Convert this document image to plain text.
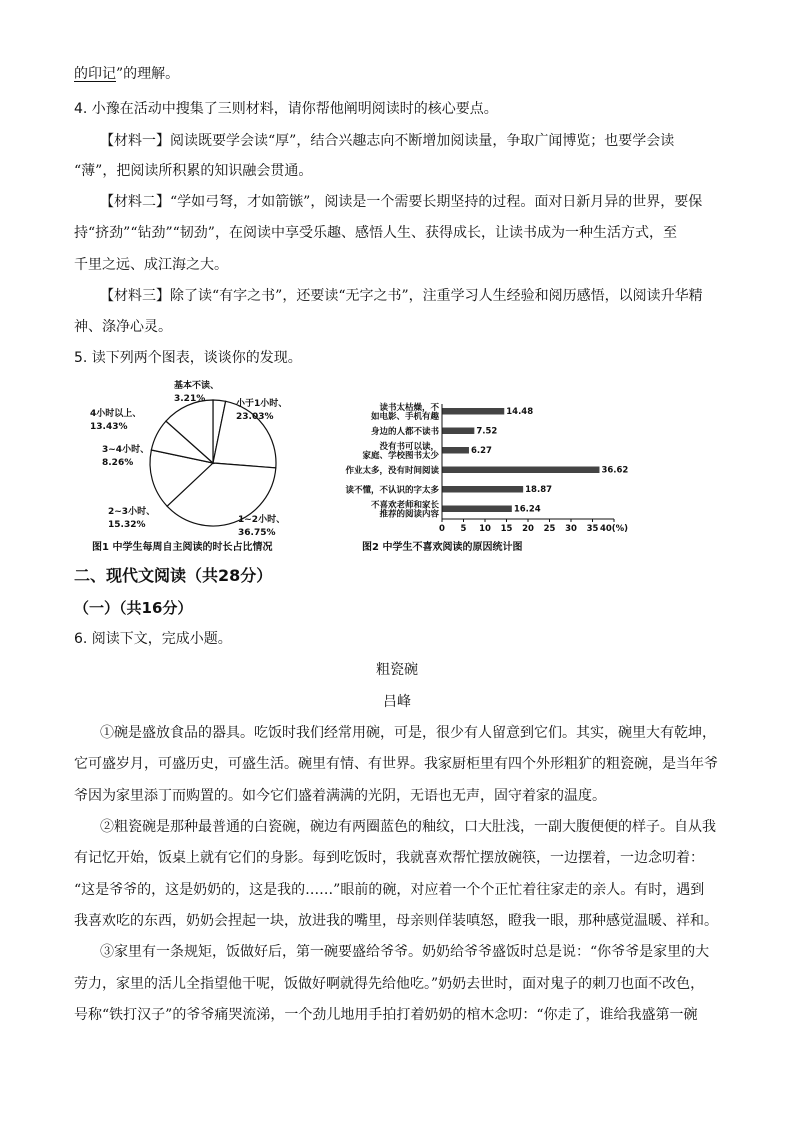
的印记”的理解。
4. 小豫在活动中搜集了三则材料，请你帮他阐明阅读时的核心要点。
【材料一】阅读既要学会读“厚”，结合兴趣志向不断增加阅读量，争取广闻博览；也要学会读
“薄”，把阅读所积累的知识融会贯通。
【材料二】“学如弓弩，才如箭镞”，阅读是一个需要长期坚持的过程。面对日新月异的世界，要保
持“挤劲”“钻劲”“韧劲”，在阅读中享受乐趣、感悟人生、获得成长，让读书成为一种生活方式，至
千里之远、成江海之大。
【材料三】除了读“有字之书”，还要读“无字之书”，注重学习人生经验和阅历感悟，以阅读升华精
神、涤净心灵。
5. 读下列两个图表，谈谈你的发现。
基本不读、
3.21%	小于1小时、
23.03%
4小时以上、
13.43%
3~4小时、
8.26%
2~3小时、
15.32%	1~2小时、
36.75%
图1 中学生每周自主阅读的时长占比情况
读书太枯燥，不
如电影、手机有趣
身边的人都不读书
没有书可以读，
家庭、学校图书太少
作业太多，没有时间阅读
读不懂，不认识的字太多
不喜欢老师和家长
推荐的阅读内容
14.48
7.52
6.27
36.62
18.87
16.24
0 5 10 15 20 25 30 35 40(%)
图2 中学生不喜欢阅读的原因统计图
二、现代文阅读（共28分）
（一）（共16分）
6. 阅读下文，完成小题。
粗瓷碗
吕峰
①碗是盛放食品的器具。吃饭时我们经常用碗，可是，很少有人留意到它们。其实，碗里大有乾坤，
它可盛岁月，可盛历史，可盛生活。碗里有情、有世界。我家厨柜里有四个外形粗犷的粗瓷碗，是当年爷
爷因为家里添丁而购置的。如今它们盛着满满的光阴，无语也无声，固守着家的温度。
②粗瓷碗是那种最普通的白瓷碗，碗边有两圈蓝色的釉纹，口大肚浅，一副大腹便便的样子。自从我
有记忆开始，饭桌上就有它们的身影。每到吃饭时，我就喜欢帮忙摆放碗筷，一边摆着，一边念叨着：
“这是爷爷的，这是奶奶的，这是我的……”眼前的碗，对应着一个个正忙着往家走的亲人。有时，遇到
我喜欢吃的东西，奶奶会捏起一块，放进我的嘴里，母亲则佯装嗔怒，瞪我一眼，那种感觉温暖、祥和。
③家里有一条规矩，饭做好后，第一碗要盛给爷爷。奶奶给爷爷盛饭时总是说：“你爷爷是家里的大
劳力，家里的活儿全指望他干呢，饭做好啊就得先给他吃。”奶奶去世时，面对鬼子的刺刀也面不改色，
号称“铁打汉子”的爷爷痛哭流涕，一个劲儿地用手拍打着奶奶的棺木念叨：“你走了，谁给我盛第一碗
